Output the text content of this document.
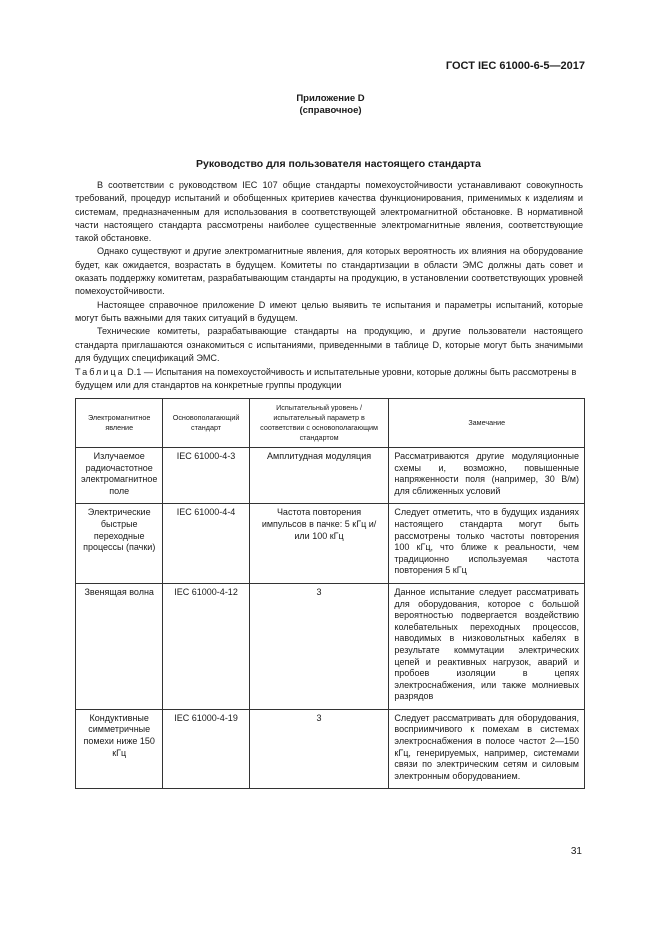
ГОСТ IEC 61000-6-5—2017
Приложение D
(справочное)
Руководство для пользователя настоящего стандарта

В соответствии с руководством IEC 107 общие стандарты помехоустойчивости устанавливают совокупность требований, процедур испытаний и обобщенных критериев качества функционирования, применимых к изделиям и системам, предназначенным для использования в соответствующей электромагнитной обстановке. В нормативной части настоящего стандарта рассмотрены наиболее существенные электромагнитные явления, соответствующие такой обстановке.

Однако существуют и другие электромагнитные явления, для которых вероятность их влияния на оборудование будет, как ожидается, возрастать в будущем. Комитеты по стандартизации в области ЭМС должны дать совет и оказать поддержку комитетам, разрабатывающим стандарты на продукцию, в установлении соответствующих уровней помехоустойчивости.

Настоящее справочное приложение D имеют целью выявить те испытания и параметры испытаний, которые могут быть важными для таких ситуаций в будущем.

Технические комитеты, разрабатывающие стандарты на продукцию, и другие пользователи настоящего стандарта приглашаются ознакомиться с испытаниями, приведенными в таблице D, которые могут быть значимыми для будущих спецификаций ЭМС.

Таблица D.1 — Испытания на помехоустойчивость и испытательные уровни, которые должны быть рассмотрены в будущем или для стандартов на конкретные группы продукции
Электромагнитное явление	Основополагающий стандарт	Испытательный уровень / испытательный параметр в соответствии с основополагающим стандартом	Замечание
Излучаемое радиочастотное электромагнитное поле	IEC 61000-4-3	Амплитудная модуляция	Рассматриваются другие модуляционные схемы и, возможно, повышенные напряженности поля (например, 30 В/м) для сближенных условий
Электрические быстрые переходные процессы (пачки)	IEC 61000-4-4	Частота повторения импульсов в пачке: 5 кГц и/или 100 кГц	Следует отметить, что в будущих изданиях настоящего стандарта могут быть рассмотрены только частоты повторения 100 кГц, что ближе к реальности, чем традиционно используемая частота повторения 5 кГц
Звенящая волна	IEC 61000-4-12	3	Данное испытание следует рассматривать для оборудования, которое с большой вероятностью подвергается воздействию колебательных переходных процессов, наводимых в низковольтных кабелях в результате коммутации электрических цепей и реактивных нагрузок, аварий и пробоев изоляции в цепях электроснабжения, или также молниевых разрядов
Кондуктивные симметричные помехи ниже 150 кГц	IEC 61000-4-19	3	Следует рассматривать для оборудования, восприимчивого к помехам в системах электроснабжения в полосе частот 2—150 кГц, генерируемых, например, системами связи по электрическим сетям и силовым электронным оборудованием.
31
